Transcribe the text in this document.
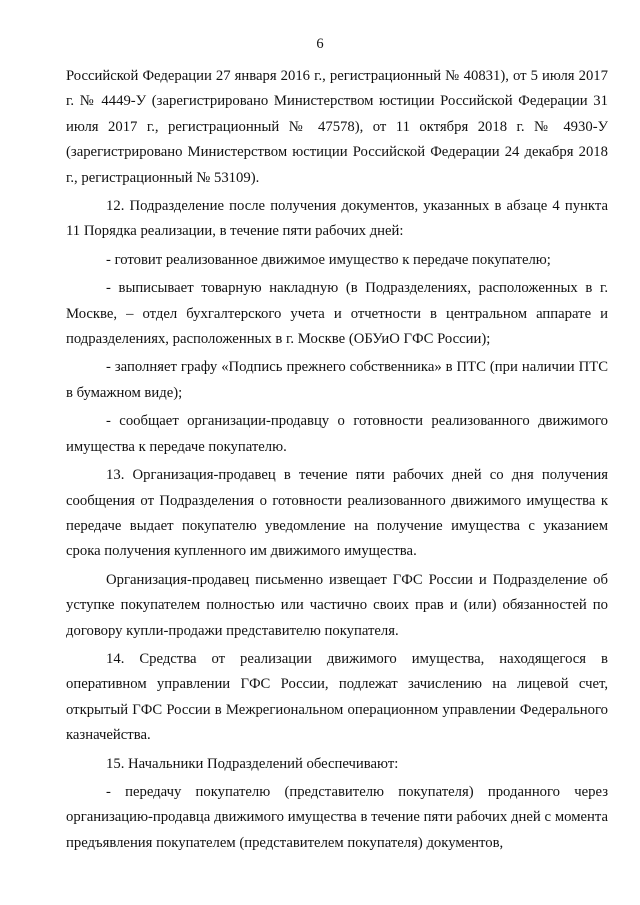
6

Российской Федерации 27 января 2016 г., регистрационный № 40831), от 5 июля 2017 г. № 4449-У (зарегистрировано Министерством юстиции Российской Федерации 31 июля 2017 г., регистрационный № 47578), от 11 октября 2018 г. № 4930-У (зарегистрировано Министерством юстиции Российской Федерации 24 декабря 2018 г., регистрационный № 53109).

12. Подразделение после получения документов, указанных в абзаце 4 пункта 11 Порядка реализации, в течение пяти рабочих дней:

- готовит реализованное движимое имущество к передаче покупателю;

- выписывает товарную накладную (в Подразделениях, расположенных в г. Москве, – отдел бухгалтерского учета и отчетности в центральном аппарате и подразделениях, расположенных в г. Москве (ОБУиО ГФС России);

- заполняет графу «Подпись прежнего собственника» в ПТС (при наличии ПТС в бумажном виде);

- сообщает организации-продавцу о готовности реализованного движимого имущества к передаче покупателю.

13. Организация-продавец в течение пяти рабочих дней со дня получения сообщения от Подразделения о готовности реализованного движимого имущества к передаче выдает покупателю уведомление на получение имущества с указанием срока получения купленного им движимого имущества.

Организация-продавец письменно извещает ГФС России и Подразделение об уступке покупателем полностью или частично своих прав и (или) обязанностей по договору купли-продажи представителю покупателя.

14. Средства от реализации движимого имущества, находящегося в оперативном управлении ГФС России, подлежат зачислению на лицевой счет, открытый ГФС России в Межрегиональном операционном управлении Федерального казначейства.

15. Начальники Подразделений обеспечивают:

- передачу покупателю (представителю покупателя) проданного через организацию-продавца движимого имущества в течение пяти рабочих дней с момента предъявления покупателем (представителем покупателя) документов,
